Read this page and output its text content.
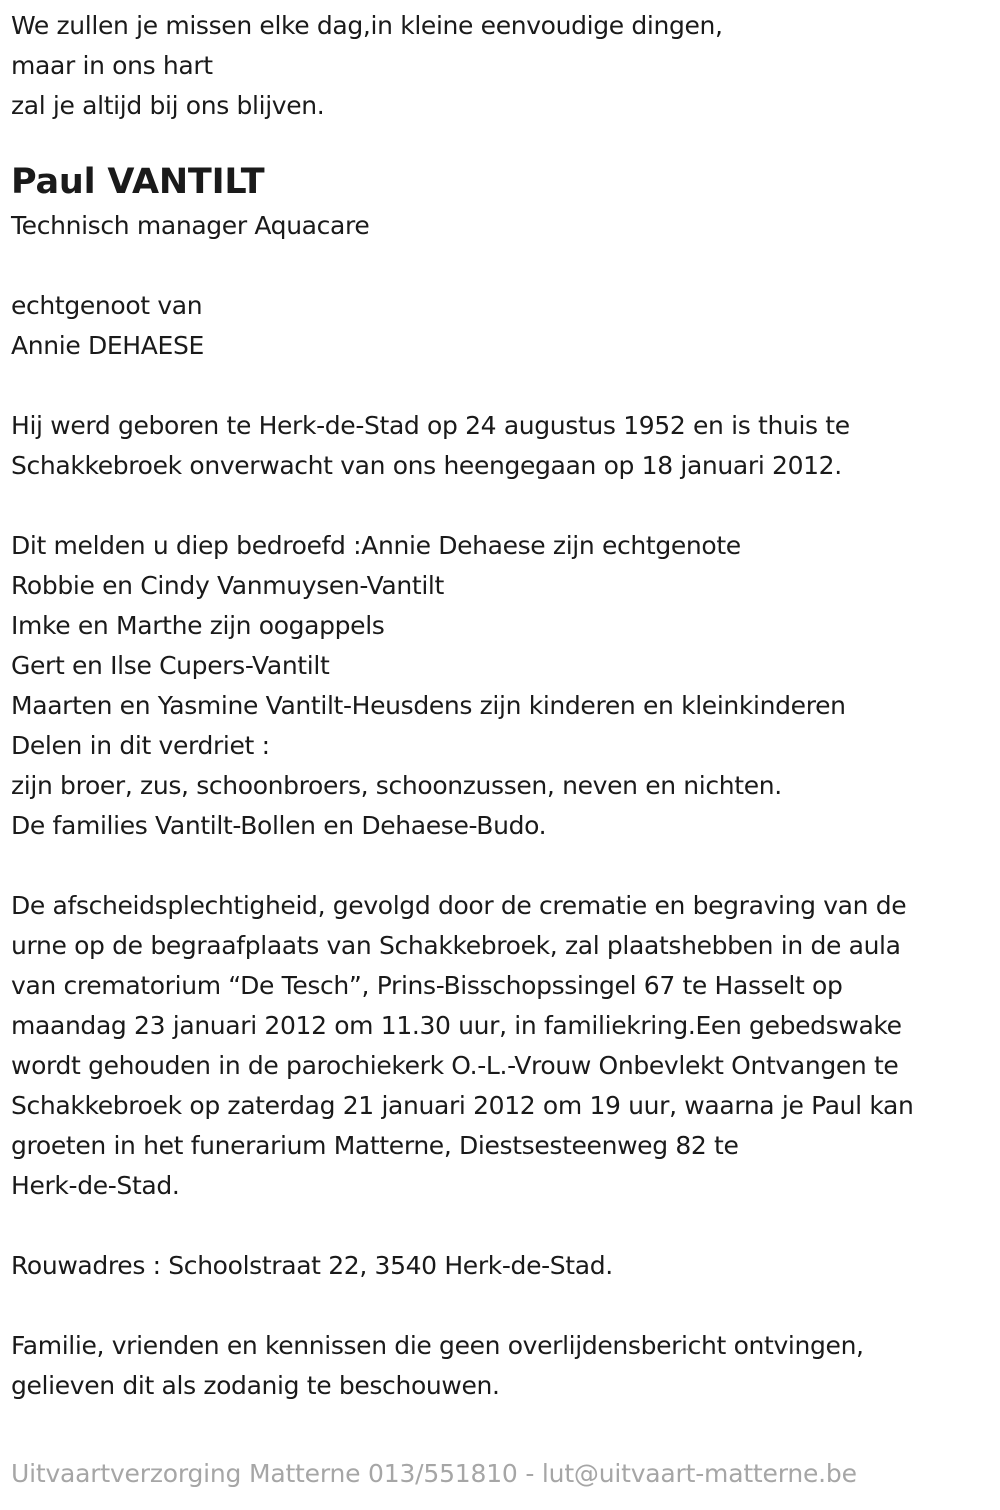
We zullen je missen elke dag,in kleine eenvoudige dingen,
maar in ons hart
zal je altijd bij ons blijven.
Paul VANTILT
Technisch manager Aquacare
echtgenoot van
Annie DEHAESE
Hij werd geboren te Herk-de-Stad op 24 augustus 1952 en is thuis te
Schakkebroek onverwacht van ons heengegaan op 18 januari 2012.
Dit melden u diep bedroefd :Annie Dehaese zijn echtgenote
Robbie en Cindy Vanmuysen-Vantilt
Imke en Marthe zijn oogappels
Gert en Ilse Cupers-Vantilt
Maarten en Yasmine Vantilt-Heusdens zijn kinderen en kleinkinderen
Delen in dit verdriet :
zijn broer, zus, schoonbroers, schoonzussen, neven en nichten.
De families Vantilt-Bollen en Dehaese-Budo.
De afscheidsplechtigheid, gevolgd door de crematie en begraving van de
urne op de begraafplaats van Schakkebroek, zal plaatshebben in de aula
van crematorium “De Tesch”, Prins-Bisschopssingel 67 te Hasselt op
maandag 23 januari 2012 om 11.30 uur, in familiekring.Een gebedswake
wordt gehouden in de parochiekerk O.-L.-Vrouw Onbevlekt Ontvangen te
Schakkebroek op zaterdag 21 januari 2012 om 19 uur, waarna je Paul kan
groeten in het funerarium Matterne, Diestsesteenweg 82 te
Herk-de-Stad.
Rouwadres : Schoolstraat 22, 3540 Herk-de-Stad.
Familie, vrienden en kennissen die geen overlijdensbericht ontvingen,
gelieven dit als zodanig te beschouwen.
Uitvaartverzorging Matterne 013/551810 - lut@uitvaart-matterne.be
